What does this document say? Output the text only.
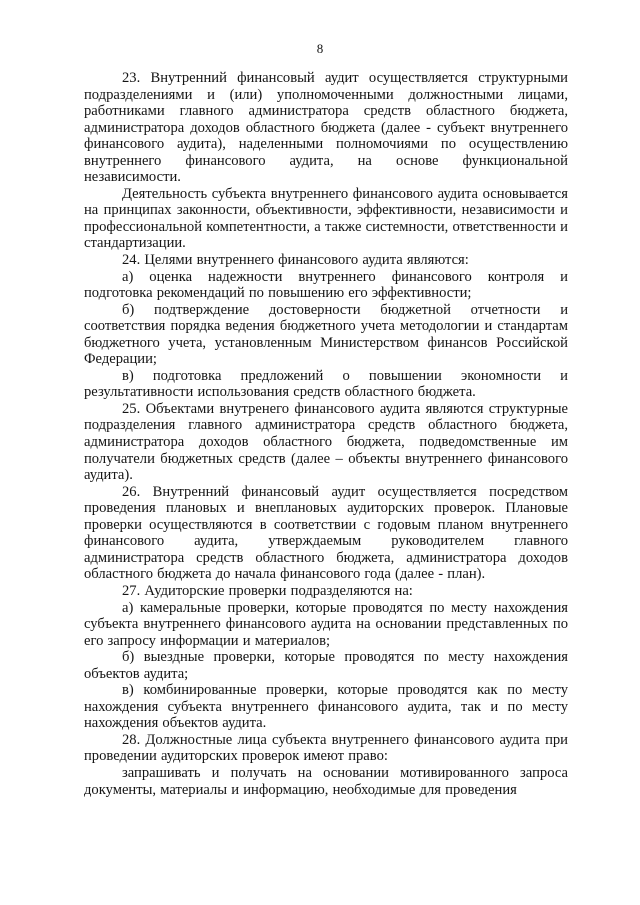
8

23. Внутренний финансовый аудит осуществляется структурными подразделениями и (или) уполномоченными должностными лицами, работниками главного администратора средств областного бюджета, администратора доходов областного бюджета (далее - субъект внутреннего финансового аудита), наделенными полномочиями по осуществлению внутреннего финансового аудита, на основе функциональной независимости.

Деятельность субъекта внутреннего финансового аудита основывается на принципах законности, объективности, эффективности, независимости и профессиональной компетентности, а также системности, ответственности и стандартизации.

24. Целями внутреннего финансового аудита являются:

а) оценка надежности внутреннего финансового контроля и подготовка рекомендаций по повышению его эффективности;

б) подтверждение достоверности бюджетной отчетности и соответствия порядка ведения бюджетного учета методологии и стандартам бюджетного учета, установленным Министерством финансов Российской Федерации;

в) подготовка предложений о повышении экономности и результативности использования средств областного бюджета.

25. Объектами внутренего финансового аудита являются структурные подразделения главного администратора средств областного бюджета, администратора доходов областного бюджета, подведомственные им получатели бюджетных средств (далее – объекты внутреннего финансового аудита).

26. Внутренний финансовый аудит осуществляется посредством проведения плановых и внеплановых аудиторских проверок. Плановые проверки осуществляются в соответствии с годовым планом внутреннего финансового аудита, утверждаемым руководителем главного администратора средств областного бюджета, администратора доходов областного бюджета до начала финансового года (далее - план).

27. Аудиторские проверки подразделяются на:

а) камеральные проверки, которые проводятся по месту нахождения субъекта внутреннего финансового аудита на основании представленных по его запросу информации и материалов;

б) выездные проверки, которые проводятся по месту нахождения объектов аудита;

в) комбинированные проверки, которые проводятся как по месту нахождения субъекта внутреннего финансового аудита, так и по месту нахождения объектов аудита.

28. Должностные лица субъекта внутреннего финансового аудита при проведении аудиторских проверок имеют право:

запрашивать и получать на основании мотивированного запроса документы, материалы и информацию, необходимые для проведения
